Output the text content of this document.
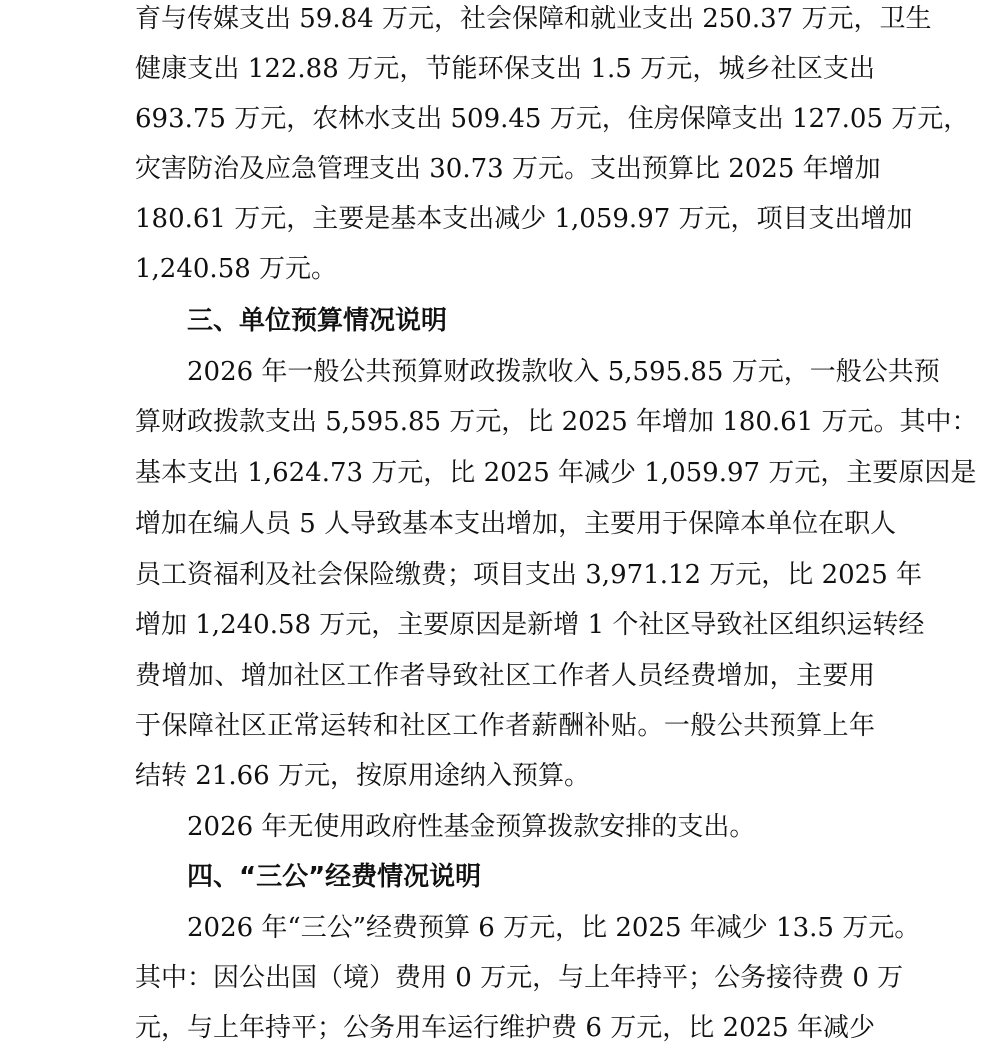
育与传媒支出 59.84 万元，社会保障和就业支出 250.37 万元，卫生
健康支出 122.88 万元，节能环保支出 1.5 万元，城乡社区支出
693.75 万元，农林水支出 509.45 万元，住房保障支出 127.05 万元，
灾害防治及应急管理支出 30.73 万元。支出预算比 2025 年增加
180.61 万元，主要是基本支出减少 1,059.97 万元，项目支出增加
1,240.58 万元。
三、单位预算情况说明
2026 年一般公共预算财政拨款收入 5,595.85 万元，一般公共预
算财政拨款支出 5,595.85 万元，比 2025 年增加 180.61 万元。其中：
基本支出 1,624.73 万元，比 2025 年减少 1,059.97 万元，主要原因是
增加在编人员 5 人导致基本支出增加，主要用于保障本单位在职人
员工资福利及社会保险缴费；项目支出 3,971.12 万元，比 2025 年
增加 1,240.58 万元，主要原因是新增 1 个社区导致社区组织运转经
费增加、增加社区工作者导致社区工作者人员经费增加，主要用
于保障社区正常运转和社区工作者薪酬补贴。一般公共预算上年
结转 21.66 万元，按原用途纳入预算。
2026 年无使用政府性基金预算拨款安排的支出。
四、“三公”经费情况说明
2026 年“三公”经费预算 6 万元，比 2025 年减少 13.5 万元。
其中：因公出国（境）费用 0 万元，与上年持平；公务接待费 0 万
元，与上年持平；公务用车运行维护费 6 万元，比 2025 年减少
